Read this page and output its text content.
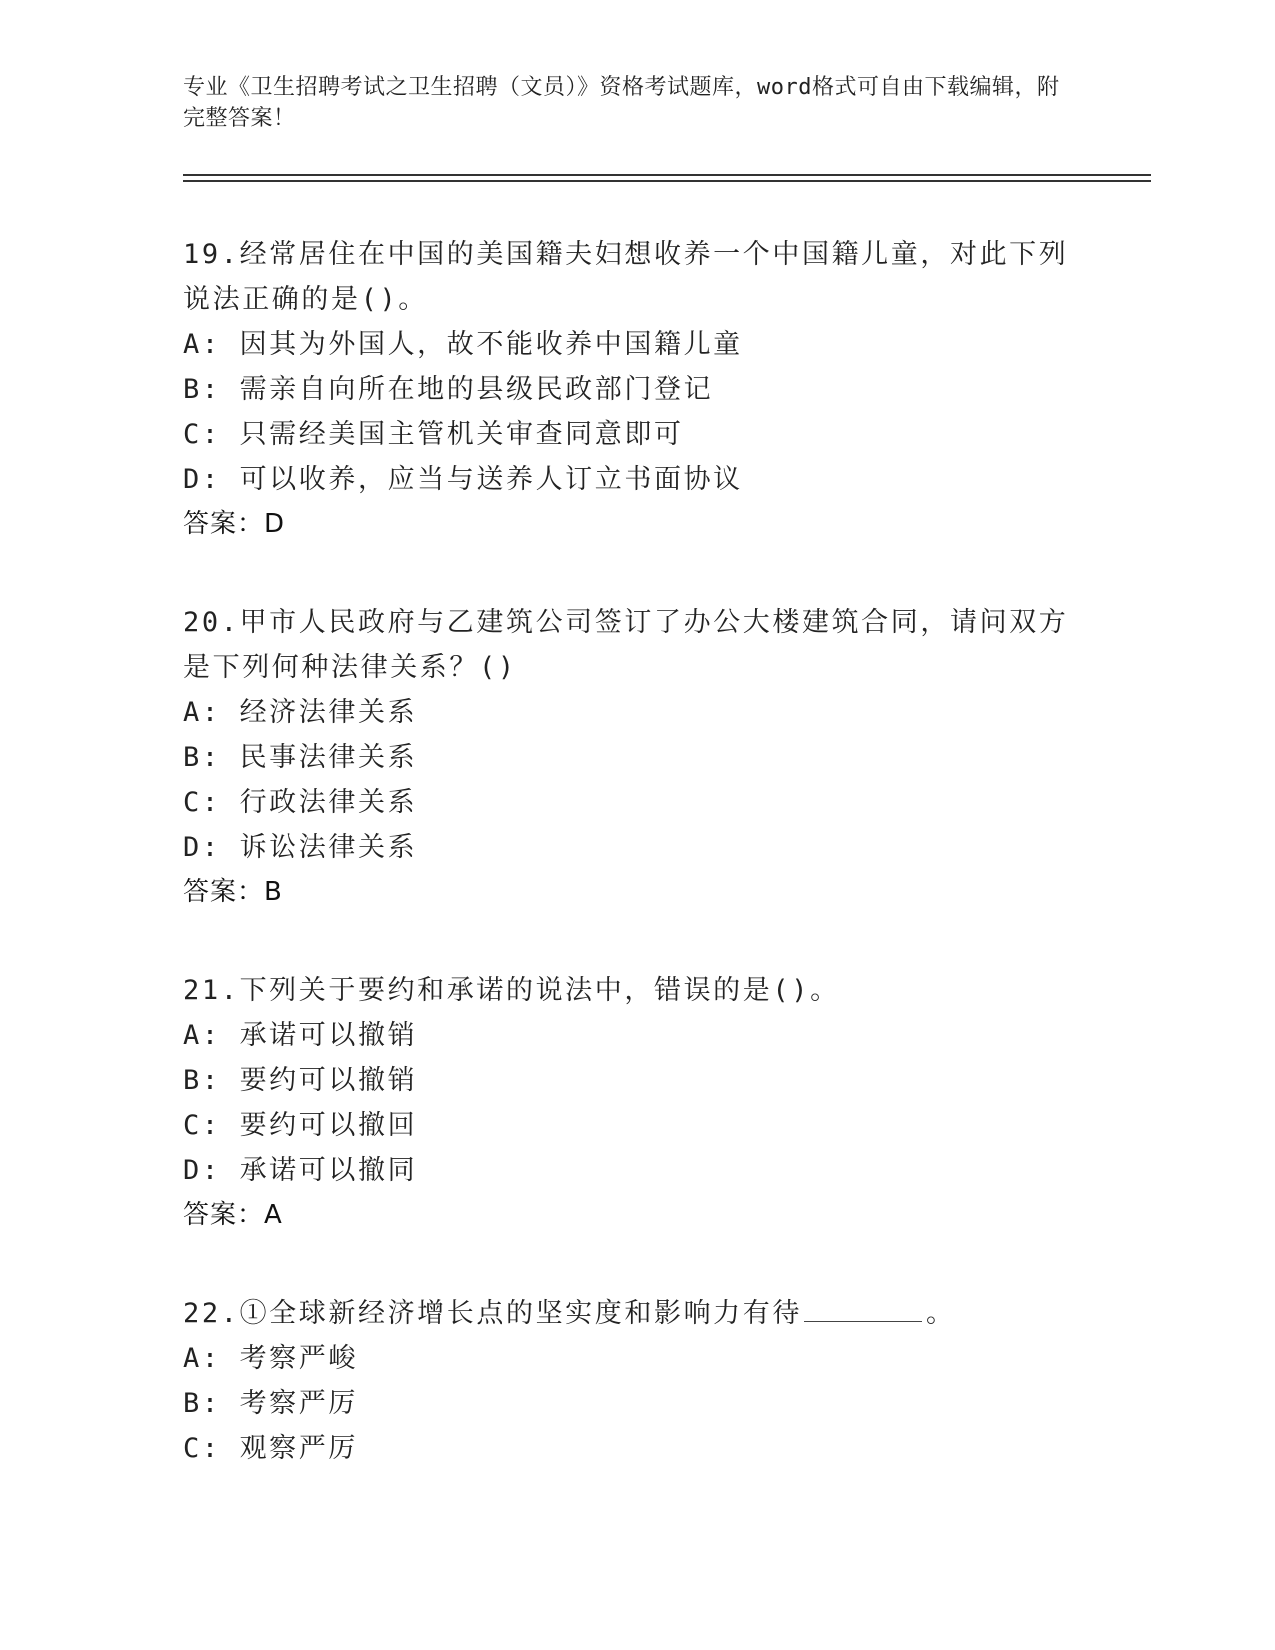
专业《卫生招聘考试之卫生招聘（文员）》资格考试题库，word格式可自由下载编辑，附完整答案！
19.经常居住在中国的美国籍夫妇想收养一个中国籍儿童，对此下列说法正确的是()。
A: 因其为外国人，故不能收养中国籍儿童
B: 需亲自向所在地的县级民政部门登记
C: 只需经美国主管机关审查同意即可
D: 可以收养，应当与送养人订立书面协议
答案：D
20.甲市人民政府与乙建筑公司签订了办公大楼建筑合同，请问双方是下列何种法律关系？()
A: 经济法律关系
B: 民事法律关系
C: 行政法律关系
D: 诉讼法律关系
答案：B
21.下列关于要约和承诺的说法中，错误的是()。
A: 承诺可以撤销
B: 要约可以撤销
C: 要约可以撤回
D: 承诺可以撤同
答案：A
22.①全球新经济增长点的坚实度和影响力有待	。
A: 考察严峻
B: 考察严厉
C: 观察严厉
